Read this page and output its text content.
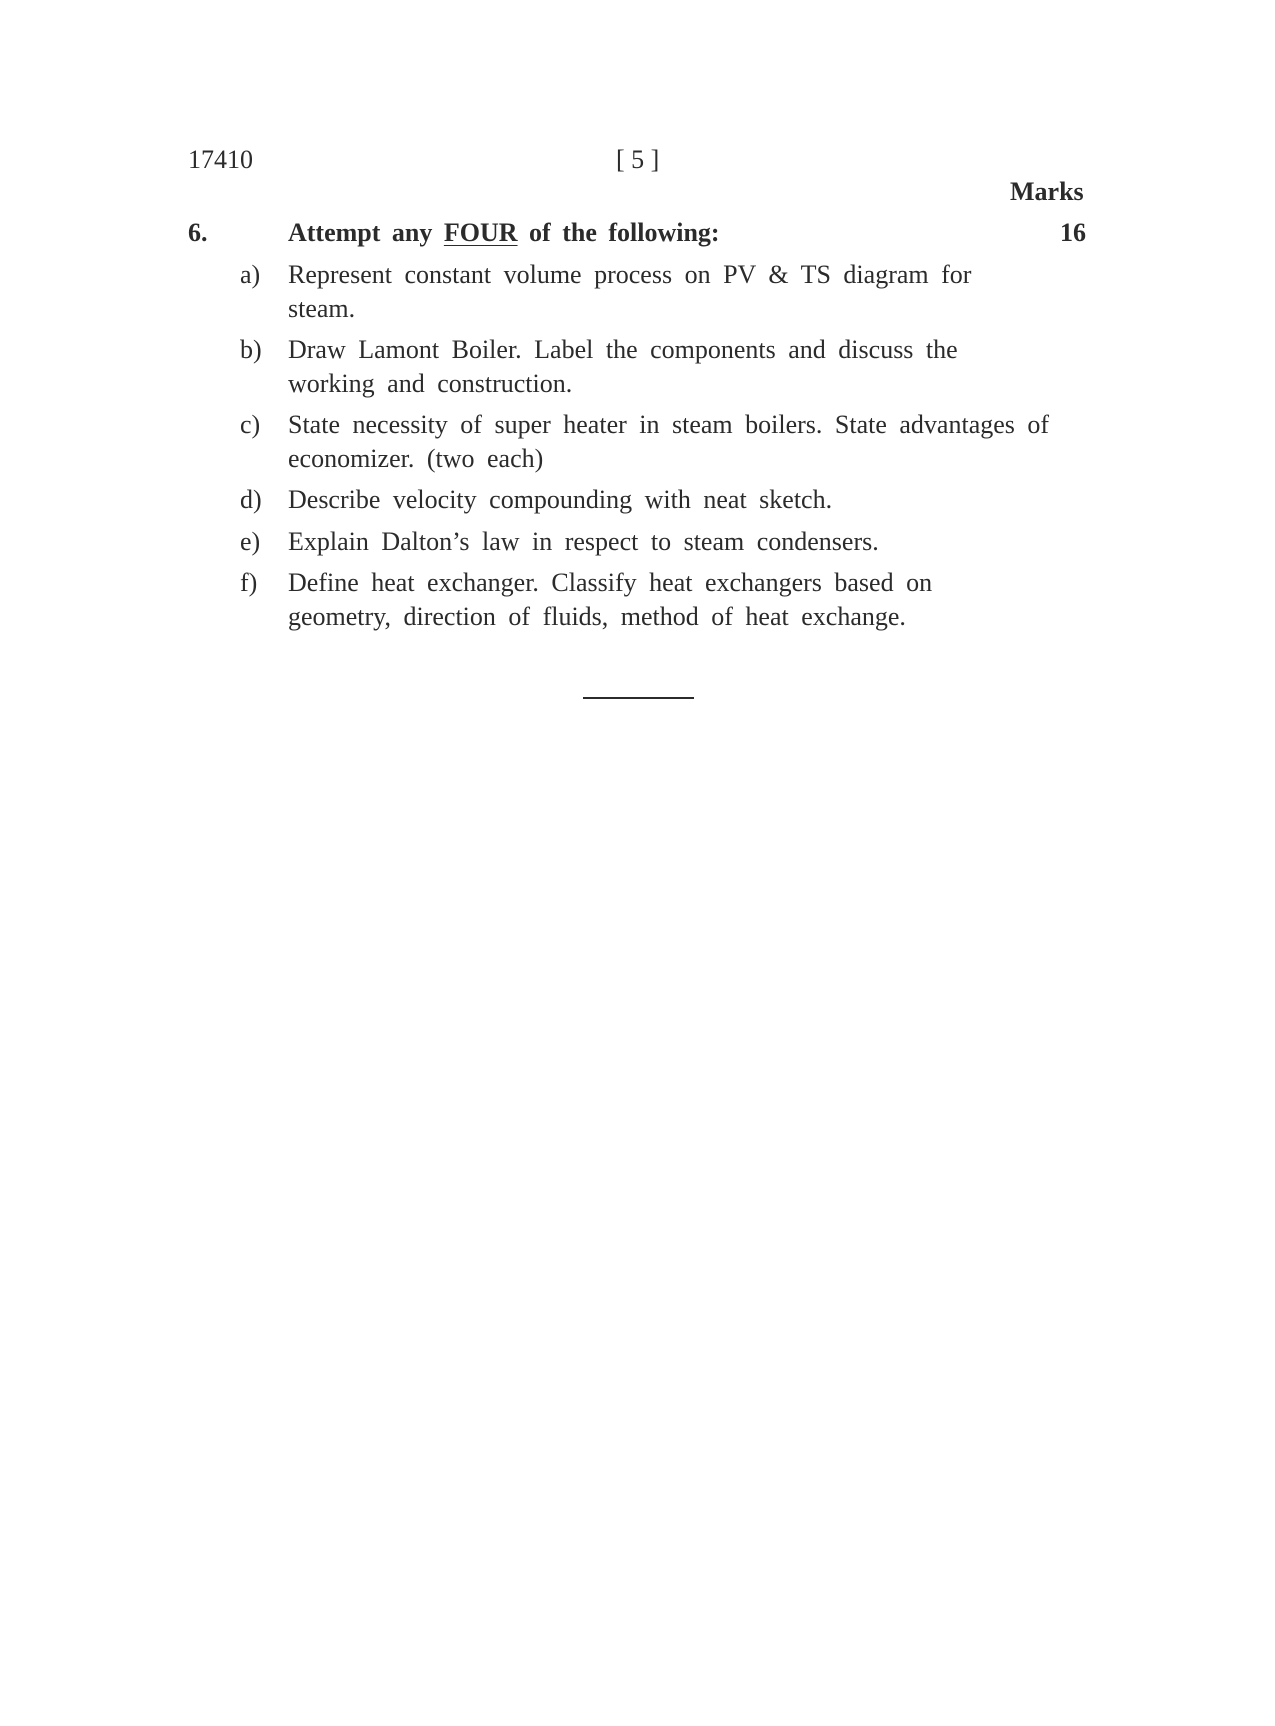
17410	[ 5 ]
Marks
6.	Attempt any FOUR of the following:	16
a) Represent constant volume process on PV & TS diagram for steam.
b) Draw Lamont Boiler. Label the components and discuss the working and construction.
c) State necessity of super heater in steam boilers. State advantages of economizer. (two each)
d) Describe velocity compounding with neat sketch.
e) Explain Dalton’s law in respect to steam condensers.
f) Define heat exchanger. Classify heat exchangers based on geometry, direction of fluids, method of heat exchange.
